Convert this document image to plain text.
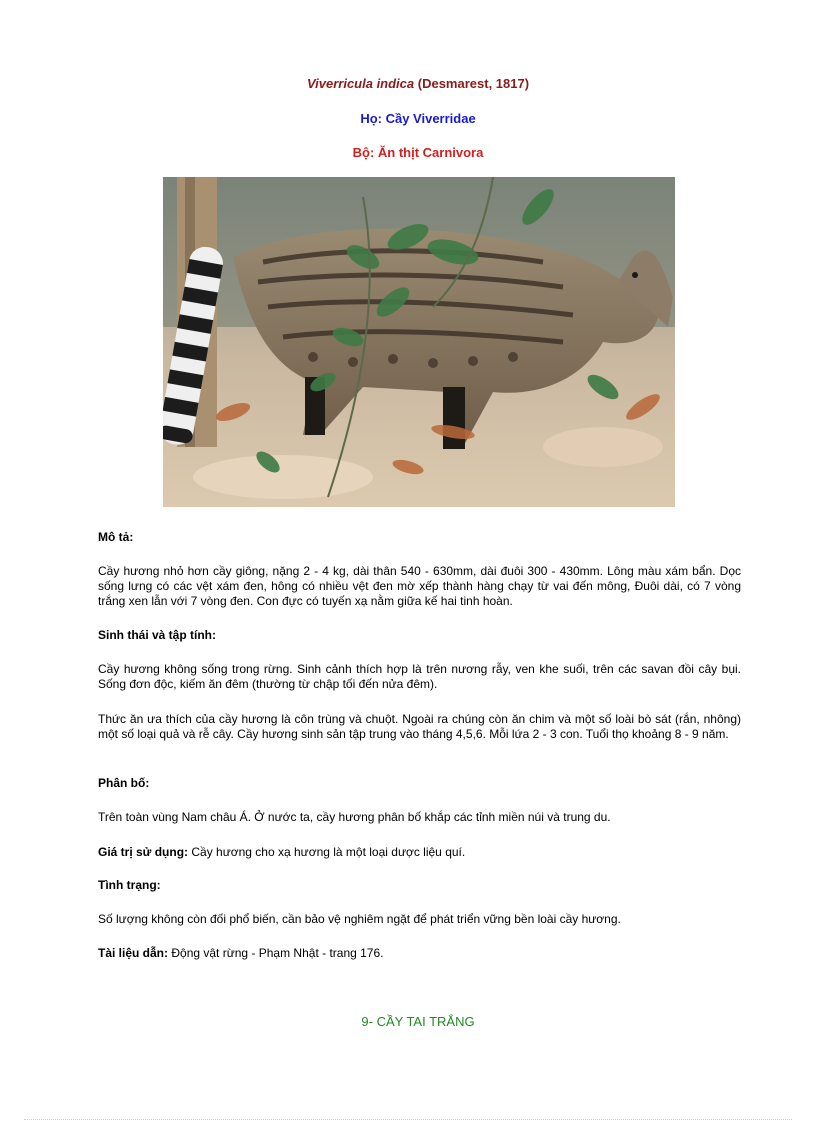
Viverricula indica (Desmarest, 1817)
Họ: Cầy Viverridae
Bộ: Ăn thịt Carnivora
Mô tả:
Cầy hương nhỏ hơn cầy giông, nặng 2 - 4 kg, dài thân 540 - 630mm, dài đuôi 300 - 430mm. Lông màu xám bẩn. Dọc sống lưng có các vệt xám đen, hông có nhiều vệt đen mờ xếp thành hàng chạy từ vai đến mông, Đuôi dài, có 7 vòng trắng xen lẫn với 7 vòng đen. Con đực có tuyến xạ nằm giữa kế hai tinh hoàn.
Sinh thái và tập tính:
Cầy hương không sống trong rừng. Sinh cảnh thích hợp là trên nương rẫy, ven khe suối, trên các savan đồi cây bụi. Sống đơn độc, kiếm ăn đêm (thường từ chập tối đến nửa đêm).
Thức ăn ưa thích của cầy hương là côn trùng và chuột. Ngoài ra chúng còn ăn chim và một số loài bò sát (rắn, nhông) một số loại quả và rễ cây. Cầy hương sinh sản tập trung vào tháng 4,5,6. Mỗi lứa 2 - 3 con. Tuổi thọ khoảng 8 - 9 năm.
Phân bố:
Trên toàn vùng Nam châu Á. Ở nước ta, cầy hương phân bố khắp các tỉnh miền núi và trung du.
Giá trị sử dụng: Cầy hương cho xạ hương là một loại dược liệu quí.
Tình trạng:
Số lượng không còn đối phổ biến, cần bảo vệ nghiêm ngặt để phát triển vững bền loài cầy hương.
Tài liệu dẫn: Động vật rừng - Phạm Nhật - trang 176.
9- CẦY TAI TRẮNG
